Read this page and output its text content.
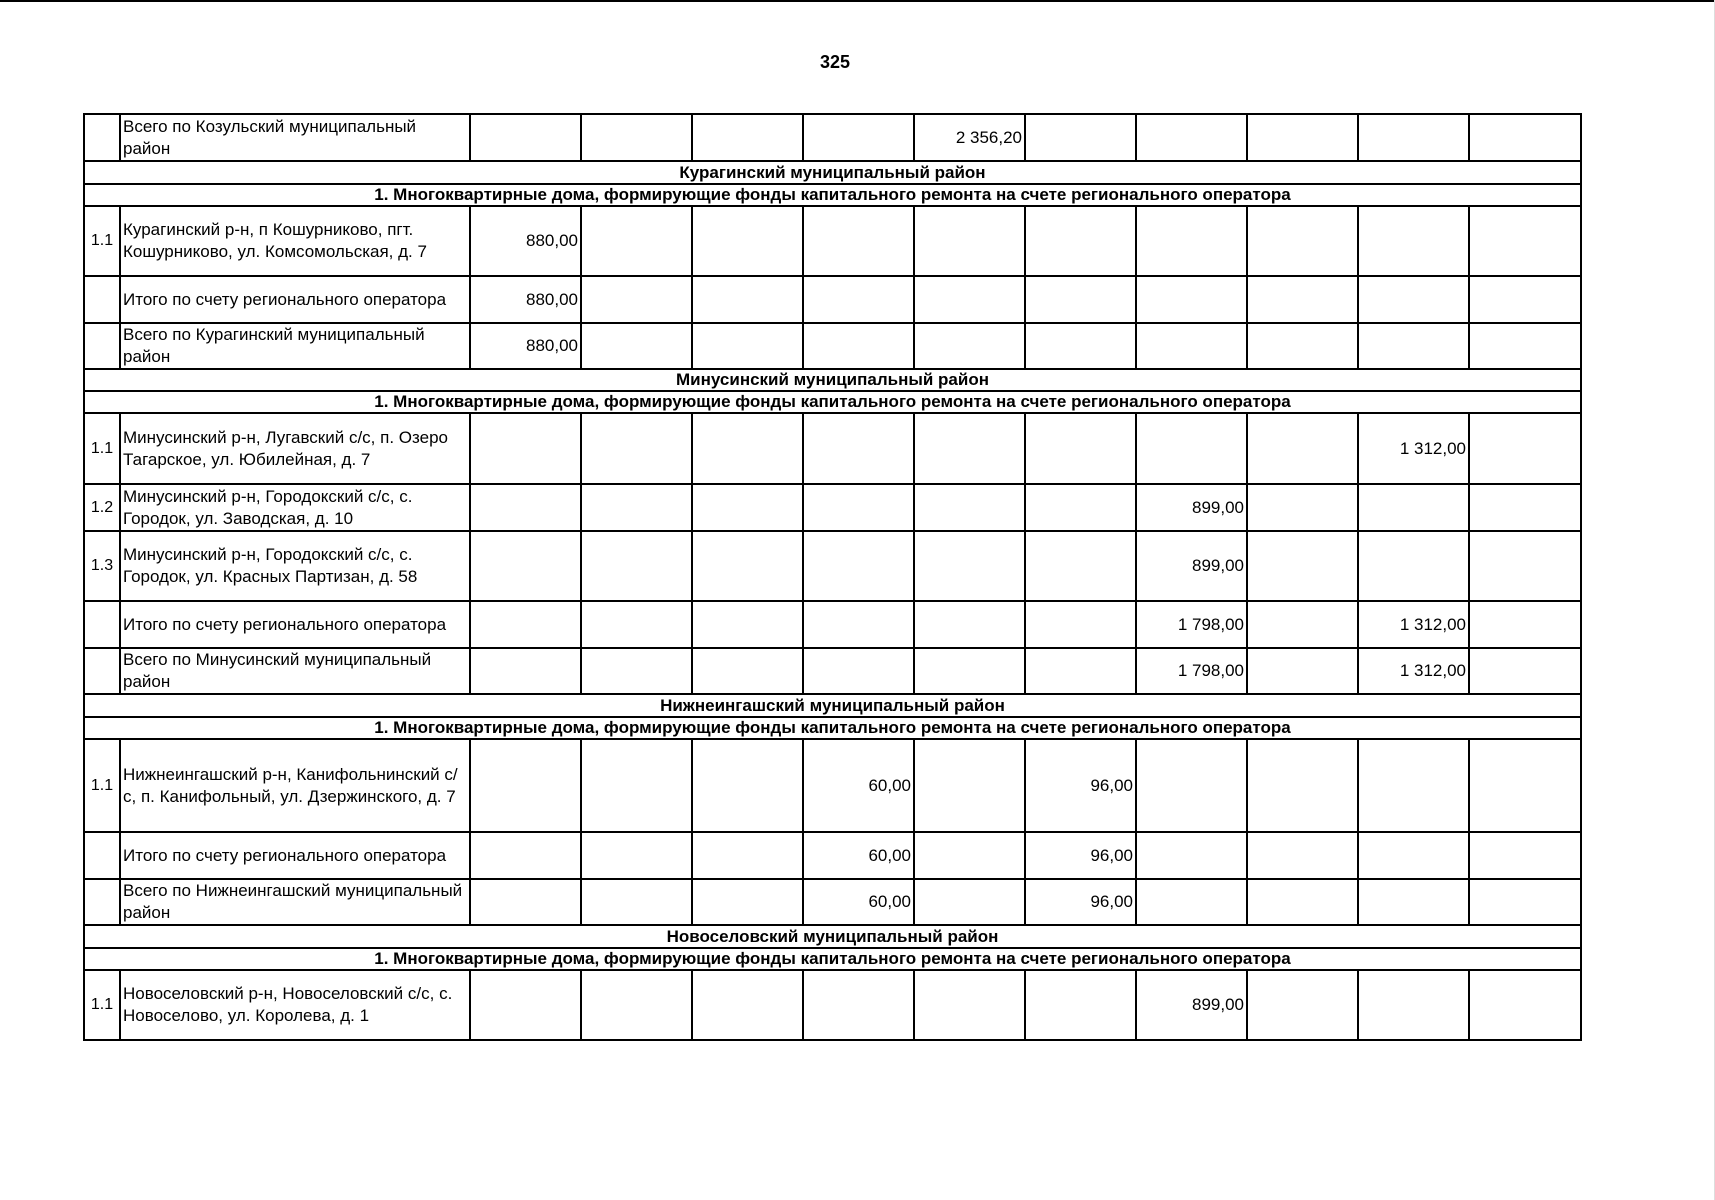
325
	Всего по Козульский муниципальный район					2 356,20					
Курагинский муниципальный район											
1. Многоквартирные дома, формирующие фонды капитального ремонта на счете регионального оператора											
1.1	Курагинский р-н, п Кошурниково, пгт. Кошурниково, ул. Комсомольская, д. 7	880,00									
	Итого по счету регионального оператора	880,00									
	Всего по Курагинский муниципальный район	880,00									
Минусинский муниципальный район											
1. Многоквартирные дома, формирующие фонды капитального ремонта на счете регионального оператора											
1.1	Минусинский р-н, Лугавский с/с, п. Озеро Тагарское, ул. Юбилейная, д. 7									1 312,00	
1.2	Минусинский р-н, Городокский с/с, с. Городок, ул. Заводская, д. 10							899,00			
1.3	Минусинский р-н, Городокский с/с, с. Городок, ул. Красных Партизан, д. 58							899,00			
	Итого по счету регионального оператора							1 798,00		1 312,00	
	Всего по Минусинский муниципальный район							1 798,00		1 312,00	
Нижнеингашский муниципальный район											
1. Многоквартирные дома, формирующие фонды капитального ремонта на счете регионального оператора											
1.1	Нижнеингашский р-н, Канифольнинский с/с, п. Канифольный, ул. Дзержинского, д. 7				60,00		96,00				
	Итого по счету регионального оператора				60,00		96,00				
	Всего по Нижнеингашский муниципальный район				60,00		96,00				
Новоселовский муниципальный район											
1. Многоквартирные дома, формирующие фонды капитального ремонта на счете регионального оператора											
1.1	Новоселовский р-н, Новоселовский с/с, с. Новоселово, ул. Королева, д. 1							899,00			
